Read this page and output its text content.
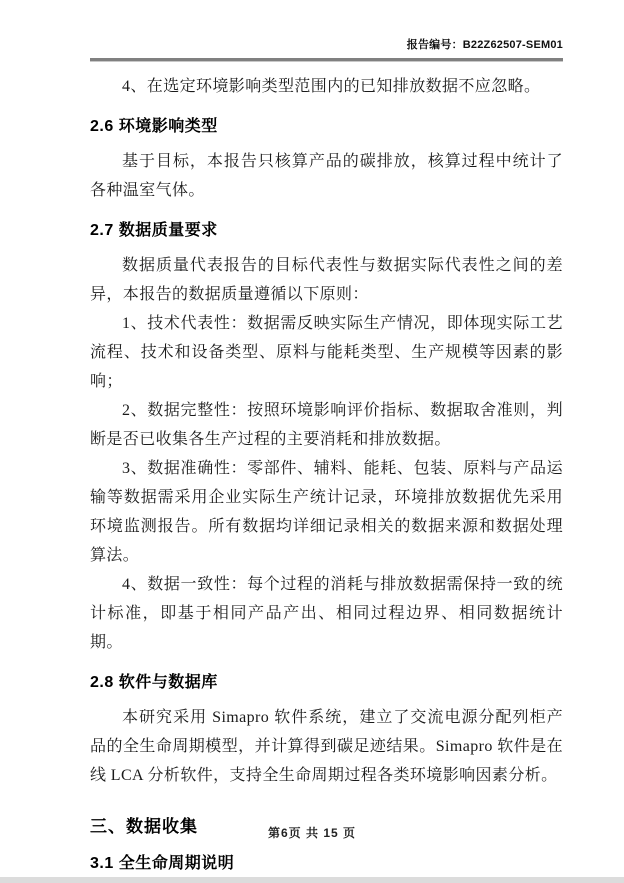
报告编号：B22Z62507-SEM01

4、在选定环境影响类型范围内的已知排放数据不应忽略。

2.6 环境影响类型

基于目标，本报告只核算产品的碳排放，核算过程中统计了各种温室气体。

2.7 数据质量要求

数据质量代表报告的目标代表性与数据实际代表性之间的差异，本报告的数据质量遵循以下原则：

1、技术代表性：数据需反映实际生产情况，即体现实际工艺流程、技术和设备类型、原料与能耗类型、生产规模等因素的影响；

2、数据完整性：按照环境影响评价指标、数据取舍准则，判断是否已收集各生产过程的主要消耗和排放数据。

3、数据准确性：零部件、辅料、能耗、包装、原料与产品运输等数据需采用企业实际生产统计记录，环境排放数据优先采用环境监测报告。所有数据均详细记录相关的数据来源和数据处理算法。

4、数据一致性：每个过程的消耗与排放数据需保持一致的统计标准，即基于相同产品产出、相同过程边界、相同数据统计期。

2.8 软件与数据库

本研究采用 Simapro 软件系统，建立了交流电源分配列柜产品的全生命周期模型，并计算得到碳足迹结果。Simapro 软件是在线 LCA 分析软件，支持全生命周期过程各类环境影响因素分析。

三、数据收集
3.1 全生命周期说明
第6页 共 15 页
